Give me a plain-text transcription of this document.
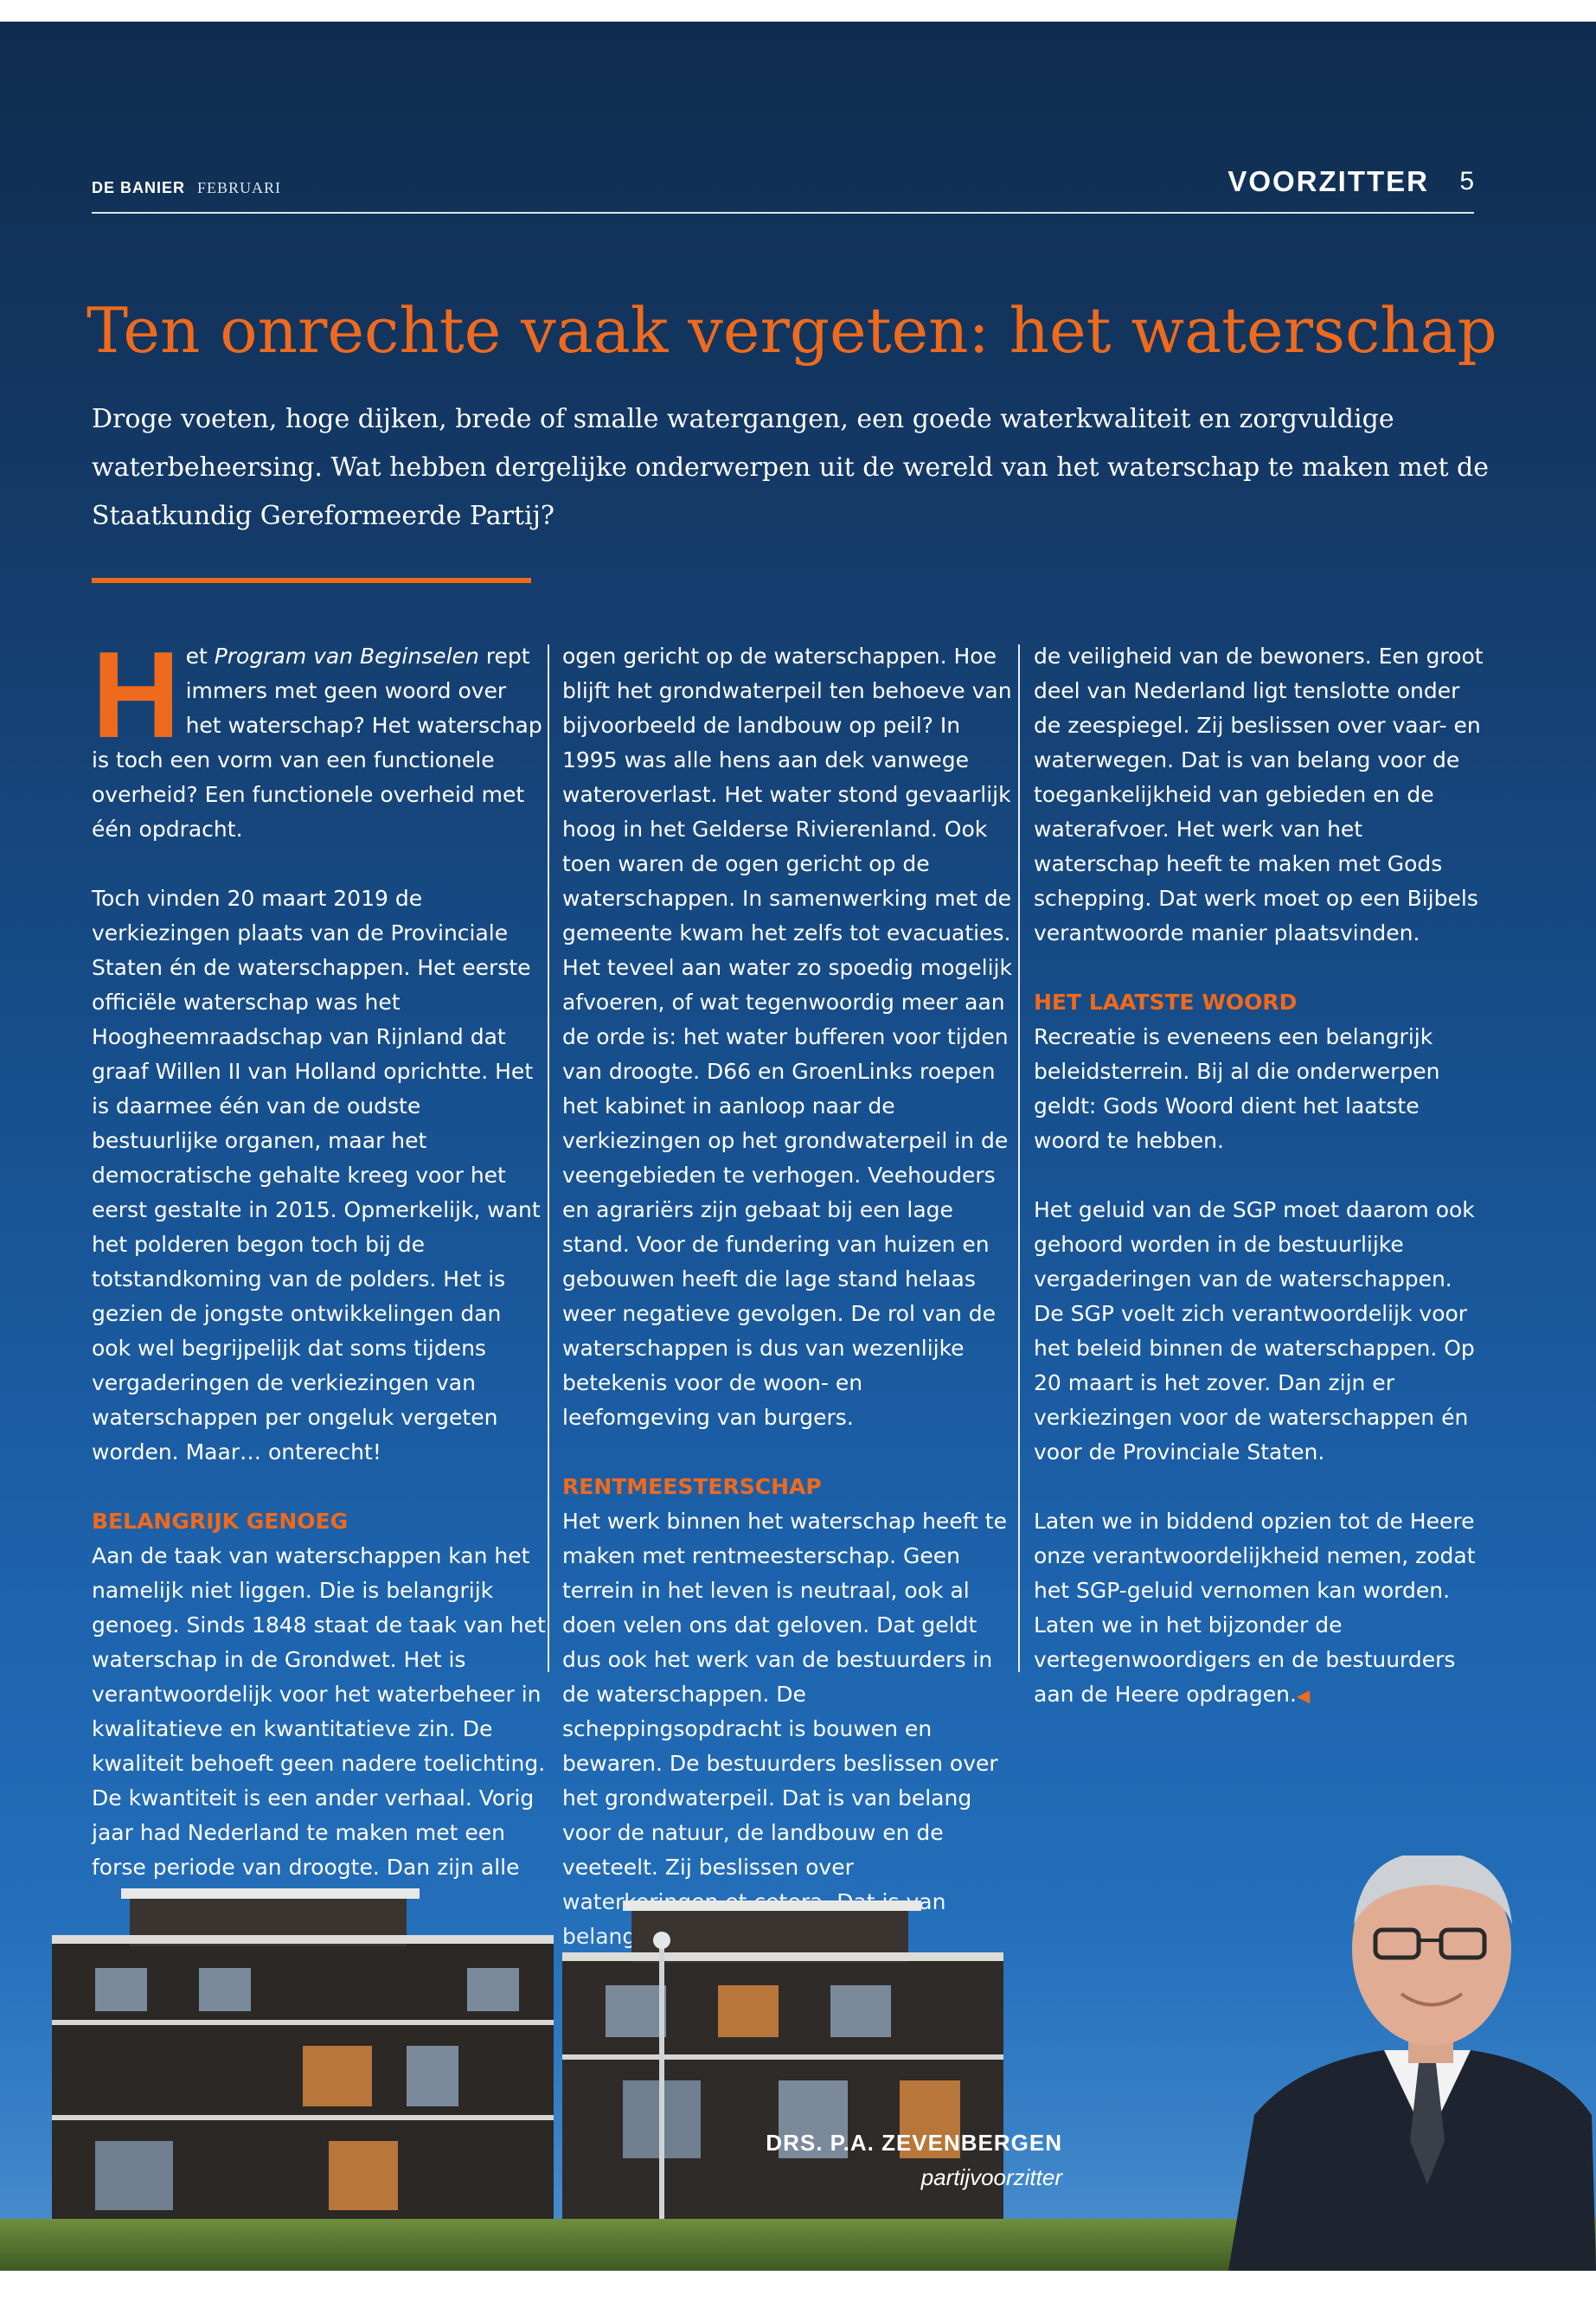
DE BANIER FEBRUARI	VOORZITTER 5
Ten onrechte vaak vergeten: het waterschap

Droge voeten, hoge dijken, brede of smalle watergangen, een goede waterkwaliteit en zorgvuldige waterbeheersing. Wat hebben dergelijke onderwerpen uit de wereld van het waterschap te maken met de Staatkundig Gereformeerde Partij?

Het Program van Beginselen rept immers met geen woord over het waterschap? Het waterschap is toch een vorm van een functionele overheid? Een functionele overheid met één opdracht.

Toch vinden 20 maart 2019 de verkiezingen plaats van de Provinciale Staten én de waterschappen. Het eerste officiële waterschap was het Hoogheemraadschap van Rijnland dat graaf Willen II van Holland oprichtte. Het is daarmee één van de oudste bestuurlijke organen, maar het democratische gehalte kreeg voor het eerst gestalte in 2015. Opmerkelijk, want het polderen begon toch bij de totstandkoming van de polders. Het is gezien de jongste ontwikkelingen dan ook wel begrijpelijk dat soms tijdens vergaderingen de verkiezingen van waterschappen per ongeluk vergeten worden. Maar… onterecht!

BELANGRIJK GENOEG

Aan de taak van waterschappen kan het namelijk niet liggen. Die is belangrijk genoeg. Sinds 1848 staat de taak van het waterschap in de Grondwet. Het is verantwoordelijk voor het waterbeheer in kwalitatieve en kwantitatieve zin. De kwaliteit behoeft geen nadere toelichting. De kwantiteit is een ander verhaal. Vorig jaar had Nederland te maken met een

ogen gericht op de waterschappen. Hoe blijft het grondwaterpeil ten behoeve van bijvoorbeeld de landbouw op peil? In 1995 was alle hens aan dek vanwege wateroverlast. Het water stond gevaarlijk hoog in het Gelderse Rivierenland. Ook toen waren de ogen gericht op de waterschappen. In samenwerking met de gemeente kwam het zelfs tot evacuaties. Het teveel aan water zo spoedig mogelijk afvoeren, of wat tegenwoordig meer aan de orde is: het water bufferen voor tijden van droogte. D66 en GroenLinks roepen het kabinet in aanloop naar de verkiezingen op het grondwaterpeil in de veengebieden te verhogen. Veehouders en agrariërs zijn gebaat bij een lage stand. Voor de fundering van huizen en gebouwen heeft die lage stand helaas weer negatieve gevolgen. De rol van de waterschappen is dus van wezenlijke betekenis voor de woon- en leefomgeving van burgers.

RENTMEESTERSCHAP

Het werk binnen het waterschap heeft te maken met rentmeesterschap. Geen terrein in het leven is neutraal, ook al doen velen ons dat geloven. Dat geldt dus ook het werk van de bestuurders in de waterschappen. De scheppingsopdracht is bouwen en bewaren. De bestuurders beslissen over het grondwaterpeil. Dat is van belang voor de natuur, de landbouw en de

de veiligheid van de bewoners. Een groot deel van Nederland ligt tenslotte onder de zeespiegel. Zij beslissen over vaar- en waterwegen. Dat is van belang voor de toegankelijkheid van gebieden en de waterafvoer. Het werk van het waterschap heeft te maken met Gods schepping. Dat werk moet op een Bijbels verantwoorde manier plaatsvinden.

HET LAATSTE WOORD

Recreatie is eveneens een belangrijk beleidsterrein. Bij al die onderwerpen geldt: Gods Woord dient het laatste woord te hebben.

Het geluid van de SGP moet daarom ook gehoord worden in de bestuurlijke vergaderingen van de waterschappen. De SGP voelt zich verantwoordelijk voor het beleid binnen de waterschappen. Op 20 maart is het zover. Dan zijn er verkiezingen voor de waterschappen én voor de Provinciale Staten.

Laten we in biddend opzien tot de Heere onze verantwoordelijkheid nemen, zodat het SGP-geluid vernomen kan worden. Laten we in het bijzonder de vertegenwoordigers en de bestuurders aan de Heere opdragen.◀

DRS. P.A. ZEVENBERGEN
partijvoorzitter
